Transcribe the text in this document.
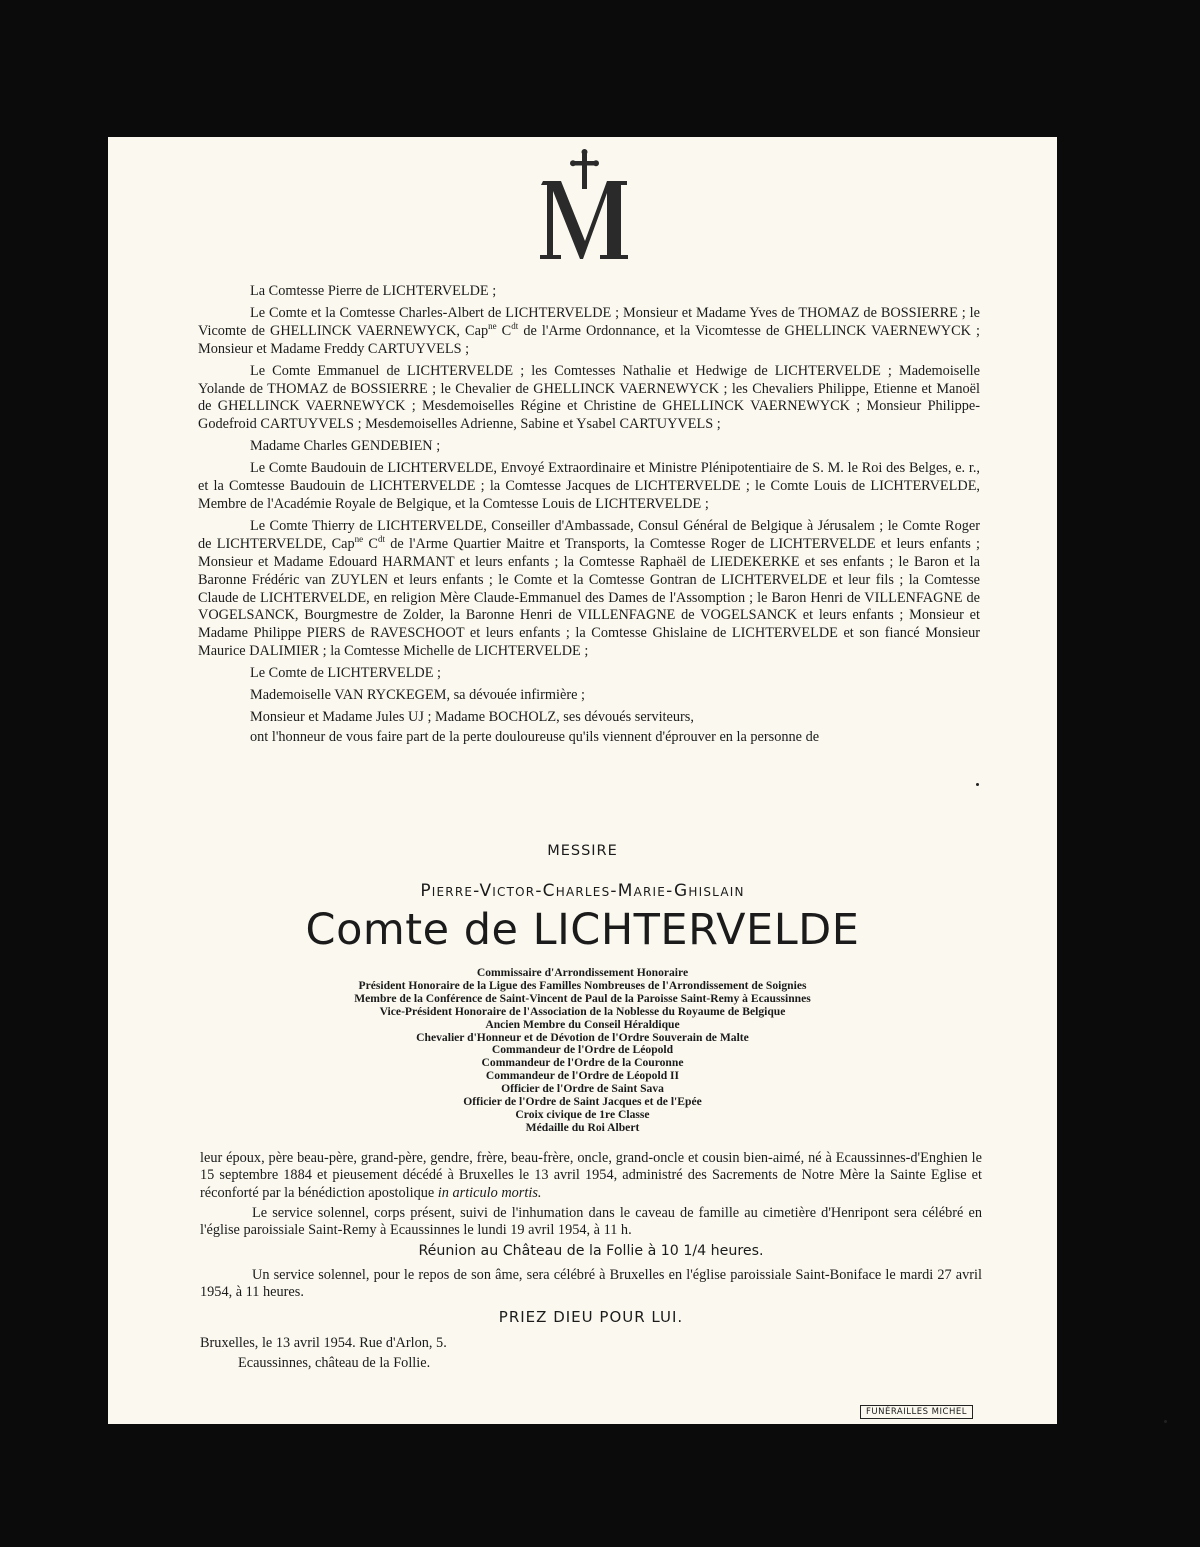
La Comtesse Pierre de LICHTERVELDE ;

Le Comte et la Comtesse Charles-Albert de LICHTERVELDE ; Monsieur et Madame Yves de THOMAZ de BOSSIERRE ; le Vicomte de GHELLINCK VAERNEWYCK, Cap$^{ne}$ $C^{dt}$ de l'Arme Ordonnance, et la Vicomtesse de GHELLINCK VAERNEWYCK ; Monsieur et Madame Freddy CARTUYVELS ;

Le Comte Emmanuel de LICHTERVELDE ; les Comtesses Nathalie et Hedwige de LICHTERVELDE ; Mademoiselle Yolande de THOMAZ de BOSSIERRE ; le Chevalier de GHELLINCK VAERNEWYCK ; les Chevaliers Philippe, Etienne et Manoël de GHELLINCK VAERNEWYCK ; Mesdemoiselles Régine et Christine de GHELLINCK VAERNEWYCK ; Monsieur Philippe-Godefroid CARTUYVELS ; Mesdemoiselles Adrienne, Sabine et Ysabel CARTUYVELS ;

Madame Charles GENDEBIEN ;

Le Comte Baudouin de LICHTERVELDE, Envoyé Extraordinaire et Ministre Plénipotentiaire de S. M. le Roi des Belges, e. r., et la Comtesse Baudouin de LICHTERVELDE ; la Comtesse Jacques de LICHTERVELDE ; le Comte Louis de LICHTERVELDE, Membre de l'Académie Royale de Belgique, et la Comtesse Louis de LICHTERVELDE ;

Le Comte Thierry de LICHTERVELDE, Conseiller d'Ambassade, Consul Général de Belgique à Jérusalem ; le Comte Roger de LICHTERVELDE, Cap$^{ne}$ $C^{dt}$ de l'Arme Quartier Maitre et Transports, la Comtesse Roger de LICHTERVELDE et leurs enfants ; Monsieur et Madame Edouard HARMANT et leurs enfants ; la Comtesse Raphaël de LIEDEKERKE et ses enfants ; le Baron et la Baronne Frédéric van ZUYLEN et leurs enfants ; le Comte et la Comtesse Gontran de LICHTERVELDE et leur fils ; la Comtesse Claude de LICHTERVELDE, en religion Mère Claude-Emmanuel des Dames de l'Assomption ; le Baron Henri de VILLENFAGNE de VOGELSANCK, Bourgmestre de Zolder, la Baronne Henri de VILLENFAGNE de VOGELSANCK et leurs enfants ; Monsieur et Madame Philippe PIERS de RAVESCHOOT et leurs enfants ; la Comtesse Ghislaine de LICHTERVELDE et son fiancé Monsieur Maurice DALIMIER ; la Comtesse Michelle de LICHTERVELDE ;

Le Comte de LICHTERVELDE ;

Mademoiselle VAN RYCKEGEM, sa dévouée infirmière ;

Monsieur et Madame Jules UJ ; Madame BOCHOLZ, ses dévoués serviteurs,

ont l'honneur de vous faire part de la perte douloureuse qu'ils viennent d'éprouver en la personne de

MESSIRE
Pierre-Victor-Charles-Marie-Ghislain
Comte de LICHTERVELDE
Commissaire d'Arrondissement Honoraire
Président Honoraire de la Ligue des Familles Nombreuses de l'Arrondissement de Soignies
Membre de la Conférence de Saint-Vincent de Paul de la Paroisse Saint-Remy à Ecaussinnes
Vice-Président Honoraire de l'Association de la Noblesse du Royaume de Belgique
Ancien Membre du Conseil Héraldique
Chevalier d'Honneur et de Dévotion de l'Ordre Souverain de Malte
Commandeur de l'Ordre de Léopold
Commandeur de l'Ordre de la Couronne
Commandeur de l'Ordre de Léopold II
Officier de l'Ordre de Saint Sava
Officier de l'Ordre de Saint Jacques et de l'Epée
Croix civique de 1re Classe
Médaille du Roi Albert

leur époux, père beau-père, grand-père, gendre, frère, beau-frère, oncle, grand-oncle et cousin bien-aimé, né à Ecaussinnes-d'Enghien le 15 septembre 1884 et pieusement décédé à Bruxelles le 13 avril 1954, administré des Sacrements de Notre Mère la Sainte Eglise et réconforté par la bénédiction apostolique in articulo mortis.

Le service solennel, corps présent, suivi de l'inhumation dans le caveau de famille au cimetière d'Henripont sera célébré en l'église paroissiale Saint-Remy à Ecaussinnes le lundi 19 avril 1954, à 11 h.

Réunion au Château de la Follie à 10 1/4 heures.

Un service solennel, pour le repos de son âme, sera célébré à Bruxelles en l'église paroissiale Saint-Boniface le mardi 27 avril 1954, à 11 heures.

PRIEZ DIEU POUR LUI.

Bruxelles, le 13 avril 1954. Rue d'Arlon, 5.

Ecaussinnes, château de la Follie.

FUNÉRAILLES MICHEL
